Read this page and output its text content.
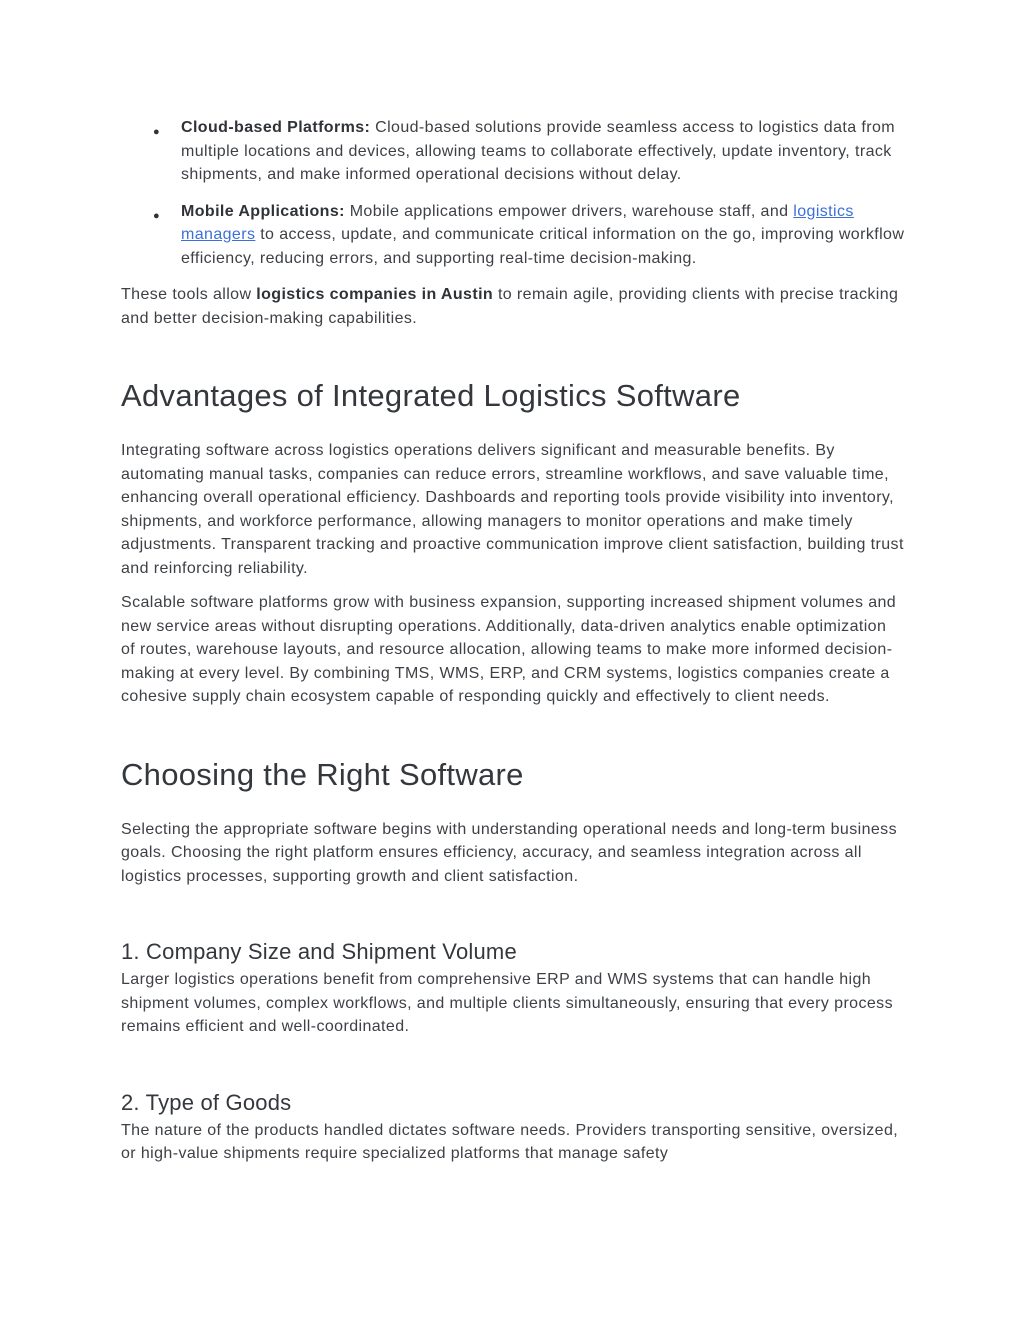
● Cloud-based Platforms: Cloud-based solutions provide seamless access to logistics data from multiple locations and devices, allowing teams to collaborate effectively, update inventory, track shipments, and make informed operational decisions without delay.
● Mobile Applications: Mobile applications empower drivers, warehouse staff, and logistics managers to access, update, and communicate critical information on the go, improving workflow efficiency, reducing errors, and supporting real-time decision-making.

These tools allow logistics companies in Austin to remain agile, providing clients with precise tracking and better decision-making capabilities.

Advantages of Integrated Logistics Software

Integrating software across logistics operations delivers significant and measurable benefits. By automating manual tasks, companies can reduce errors, streamline workflows, and save valuable time, enhancing overall operational efficiency. Dashboards and reporting tools provide visibility into inventory, shipments, and workforce performance, allowing managers to monitor operations and make timely adjustments. Transparent tracking and proactive communication improve client satisfaction, building trust and reinforcing reliability.

Scalable software platforms grow with business expansion, supporting increased shipment volumes and new service areas without disrupting operations. Additionally, data-driven analytics enable optimization of routes, warehouse layouts, and resource allocation, allowing teams to make more informed decision-making at every level. By combining TMS, WMS, ERP, and CRM systems, logistics companies create a cohesive supply chain ecosystem capable of responding quickly and effectively to client needs.

Choosing the Right Software

Selecting the appropriate software begins with understanding operational needs and long-term business goals. Choosing the right platform ensures efficiency, accuracy, and seamless integration across all logistics processes, supporting growth and client satisfaction.

1. Company Size and Shipment Volume

Larger logistics operations benefit from comprehensive ERP and WMS systems that can handle high shipment volumes, complex workflows, and multiple clients simultaneously, ensuring that every process remains efficient and well-coordinated.

2. Type of Goods

The nature of the products handled dictates software needs. Providers transporting sensitive, oversized, or high-value shipments require specialized platforms that manage safety
